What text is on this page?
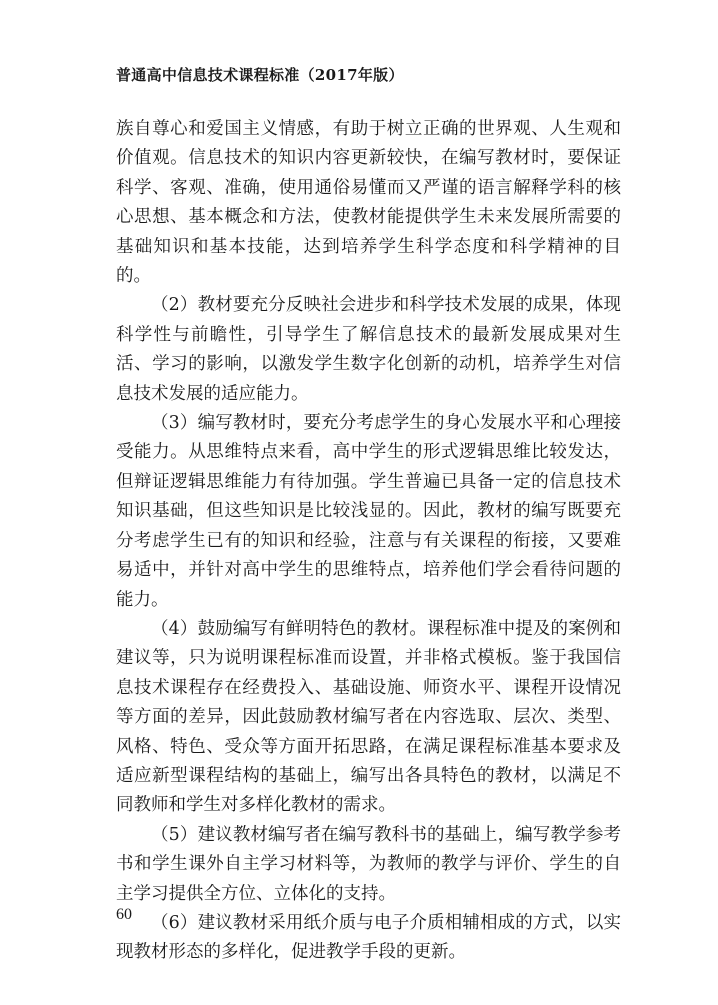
普通高中信息技术课程标准（2017年版）

族自尊心和爱国主义情感，有助于树立正确的世界观、人生观和价值观。信息技术的知识内容更新较快，在编写教材时，要保证科学、客观、准确，使用通俗易懂而又严谨的语言解释学科的核心思想、基本概念和方法，使教材能提供学生未来发展所需要的基础知识和基本技能，达到培养学生科学态度和科学精神的目的。

（2）教材要充分反映社会进步和科学技术发展的成果，体现科学性与前瞻性，引导学生了解信息技术的最新发展成果对生活、学习的影响，以激发学生数字化创新的动机，培养学生对信息技术发展的适应能力。

（3）编写教材时，要充分考虑学生的身心发展水平和心理接受能力。从思维特点来看，高中学生的形式逻辑思维比较发达，但辩证逻辑思维能力有待加强。学生普遍已具备一定的信息技术知识基础，但这些知识是比较浅显的。因此，教材的编写既要充分考虑学生已有的知识和经验，注意与有关课程的衔接，又要难易适中，并针对高中学生的思维特点，培养他们学会看待问题的能力。

（4）鼓励编写有鲜明特色的教材。课程标准中提及的案例和建议等，只为说明课程标准而设置，并非格式模板。鉴于我国信息技术课程存在经费投入、基础设施、师资水平、课程开设情况等方面的差异，因此鼓励教材编写者在内容选取、层次、类型、风格、特色、受众等方面开拓思路，在满足课程标准基本要求及适应新型课程结构的基础上，编写出各具特色的教材，以满足不同教师和学生对多样化教材的需求。

（5）建议教材编写者在编写教科书的基础上，编写教学参考书和学生课外自主学习材料等，为教师的教学与评价、学生的自主学习提供全方位、立体化的支持。

（6）建议教材采用纸介质与电子介质相辅相成的方式，以实现教材形态的多样化，促进教学手段的更新。

60
